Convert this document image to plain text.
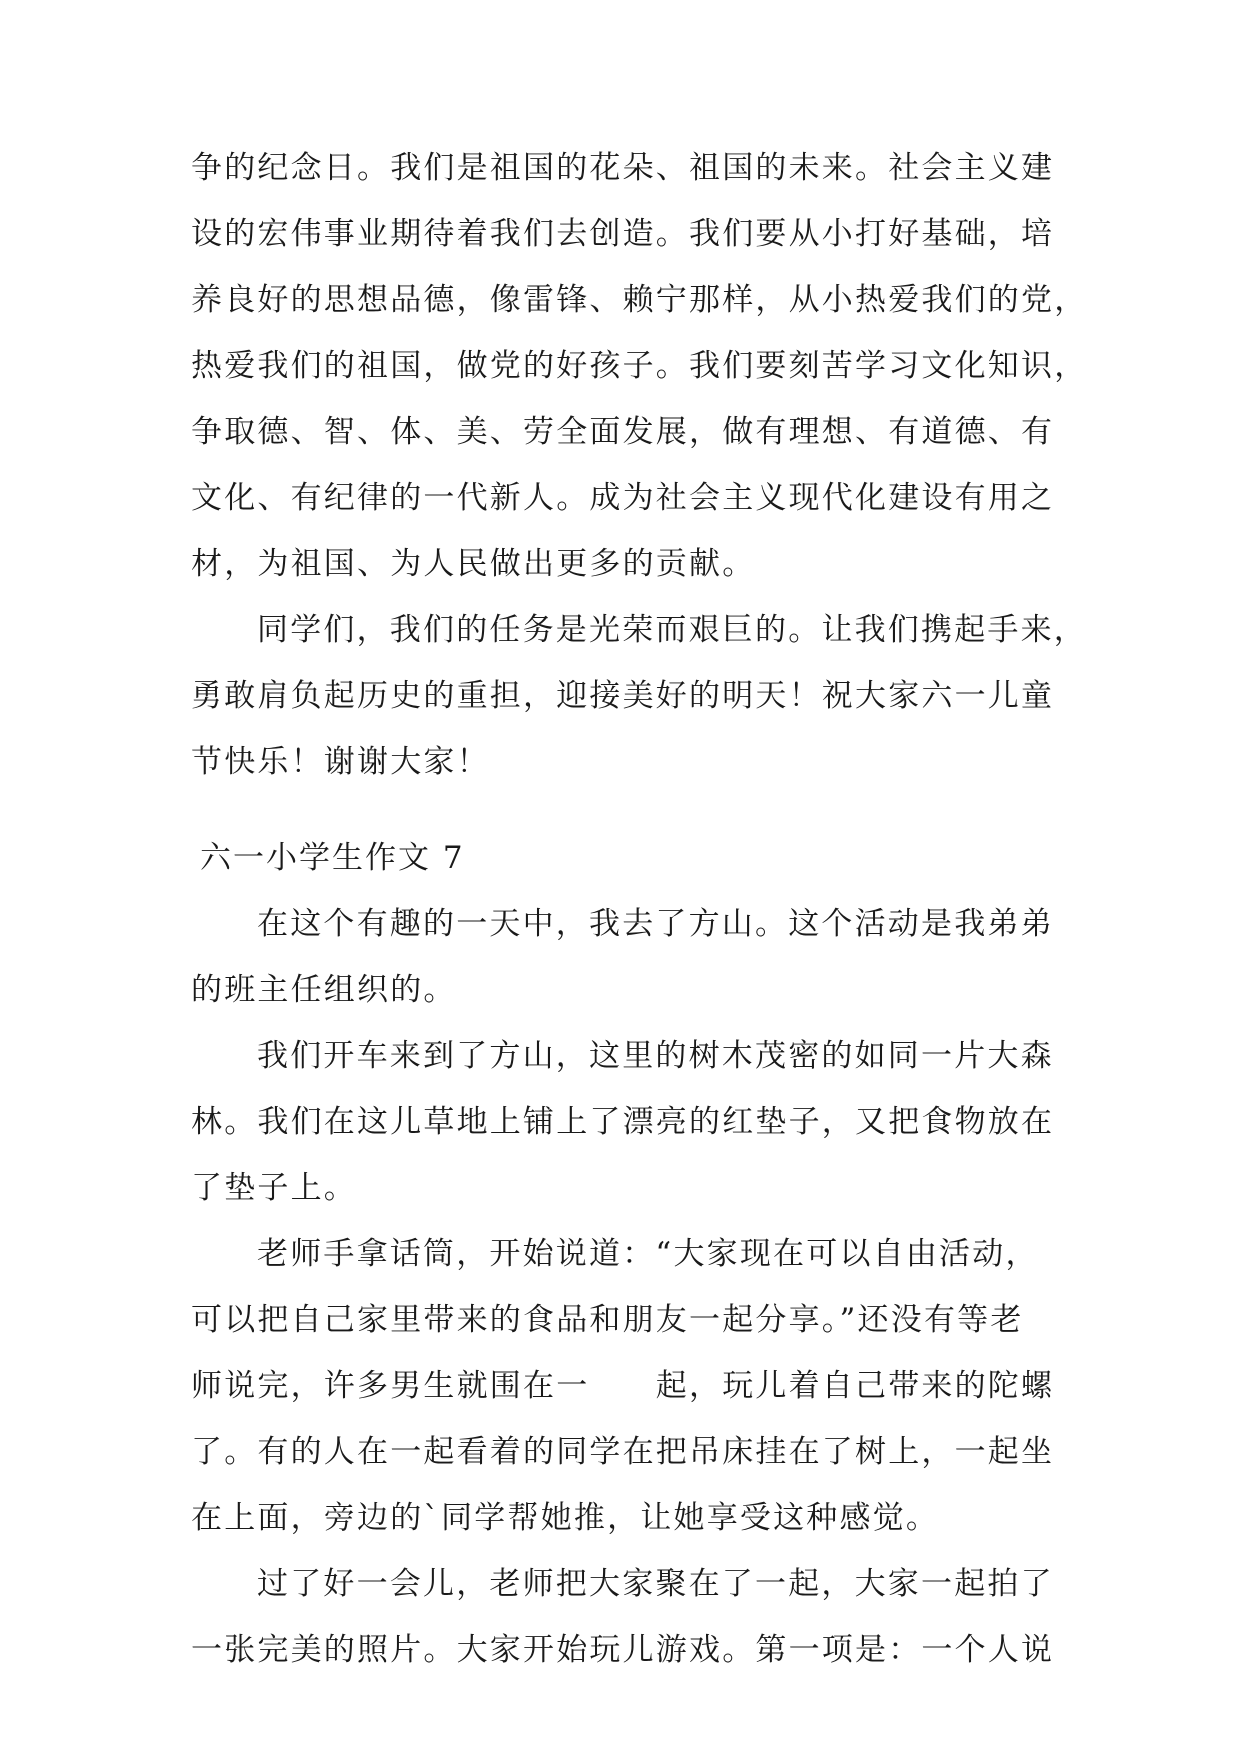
争的纪念日。我们是祖国的花朵、祖国的未来。社会主义建
设的宏伟事业期待着我们去创造。我们要从小打好基础，培
养良好的思想品德，像雷锋、赖宁那样，从小热爱我们的党，
热爱我们的祖国，做党的好孩子。我们要刻苦学习文化知识，
争取德、智、体、美、劳全面发展，做有理想、有道德、有
文化、有纪律的一代新人。成为社会主义现代化建设有用之
材，为祖国、为人民做出更多的贡献。
同学们，我们的任务是光荣而艰巨的。让我们携起手来，
勇敢肩负起历史的重担，迎接美好的明天！祝大家六一儿童
节快乐！谢谢大家！
六一小学生作文 7
在这个有趣的一天中，我去了方山。这个活动是我弟弟
的班主任组织的。
我们开车来到了方山，这里的树木茂密的如同一片大森
林。我们在这儿草地上铺上了漂亮的红垫子，又把食物放在
了垫子上。
老师手拿话筒，开始说道：“大家现在可以自由活动，
可以把自己家里带来的食品和朋友一起分享。”还没有等老
师说完，许多男生就围在一　　起，玩儿着自己带来的陀螺
了。有的人在一起看着的同学在把吊床挂在了树上，一起坐
在上面，旁边的`同学帮她推，让她享受这种感觉。
过了好一会儿，老师把大家聚在了一起，大家一起拍了
一张完美的照片。大家开始玩儿游戏。第一项是：一个人说
